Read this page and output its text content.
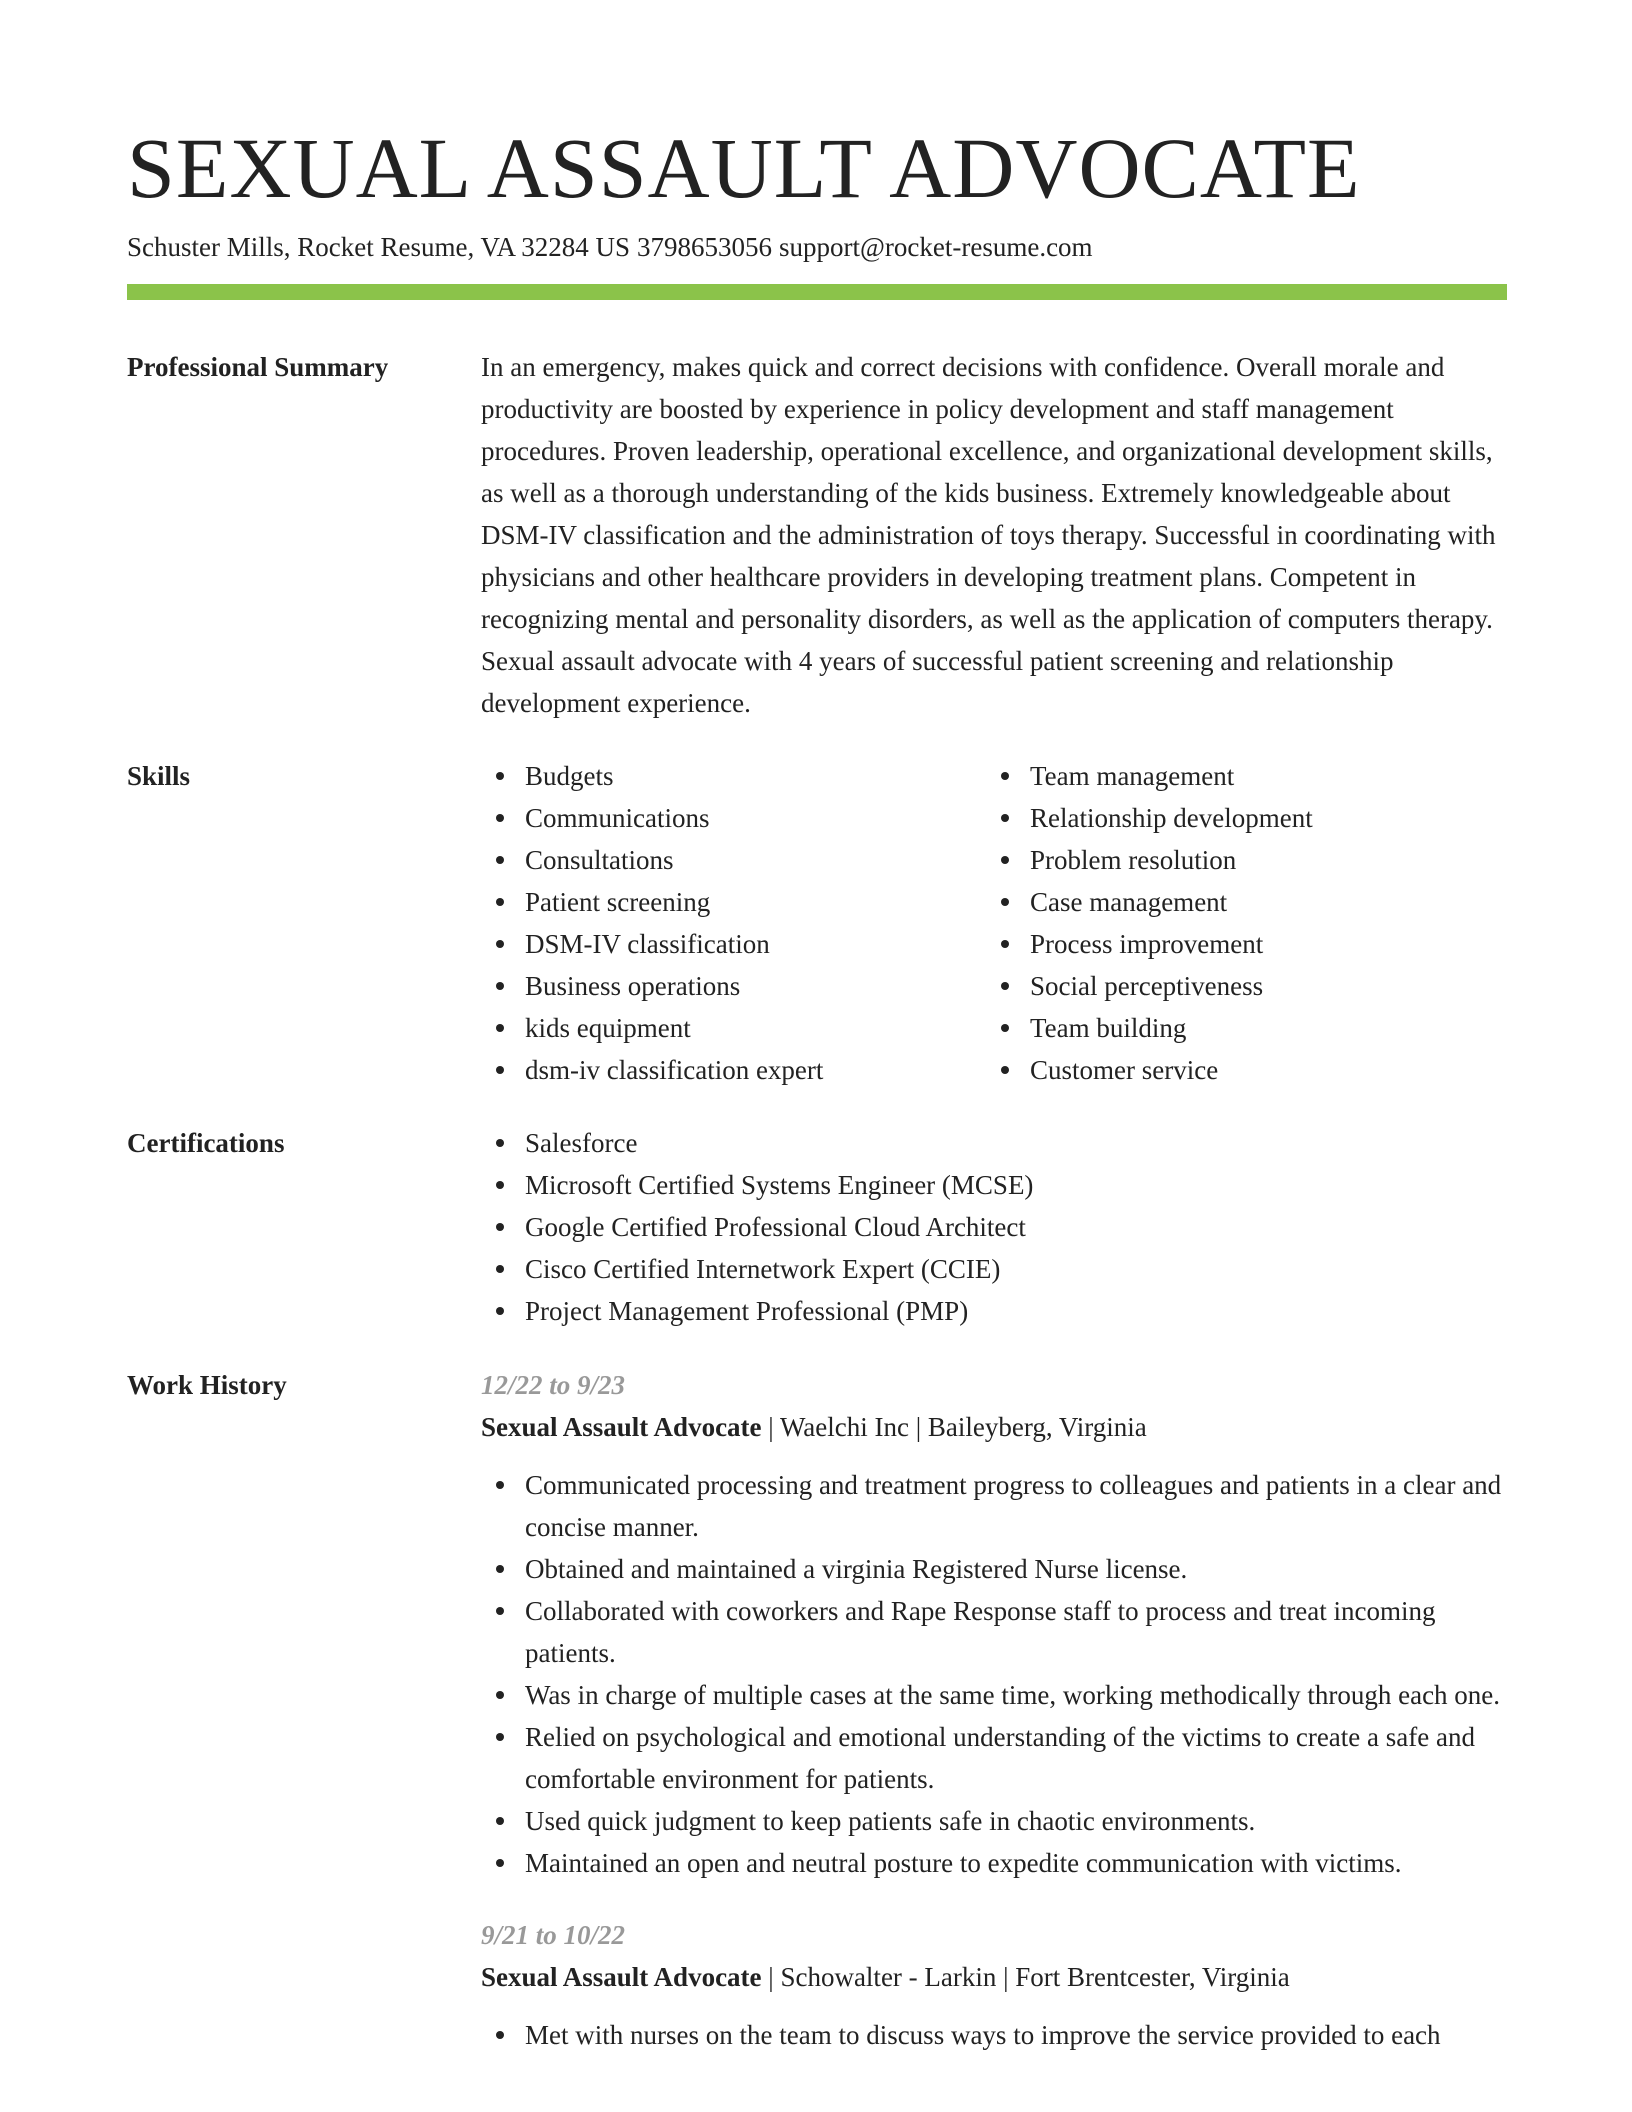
SEXUAL ASSAULT ADVOCATE
Schuster Mills, Rocket Resume, VA 32284 US 3798653056 support@rocket-resume.com
Professional Summary	In an emergency, makes quick and correct decisions with confidence. Overall morale and productivity are boosted by experience in policy development and staff management procedures. Proven leadership, operational excellence, and organizational development skills, as well as a thorough understanding of the kids business. Extremely knowledgeable about DSM-IV classification and the administration of toys therapy. Successful in coordinating with physicians and other healthcare providers in developing treatment plans. Competent in recognizing mental and personality disorders, as well as the application of computers therapy. Sexual assault advocate with 4 years of successful patient screening and relationship development experience.

Skills	Budgets
Communications
Consultations
Patient screening
DSM-IV classification
Business operations
kids equipment
dsm-iv classification expert
Team management
Relationship development
Problem resolution
Case management
Process improvement
Social perceptiveness
Team building
Customer service
Certifications	Salesforce
Microsoft Certified Systems Engineer (MCSE)
Google Certified Professional Cloud Architect
Cisco Certified Internetwork Expert (CCIE)
Project Management Professional (PMP)
Work History	12/22 to 9/23
Sexual Assault Advocate | Waelchi Inc | Baileyberg, Virginia
Communicated processing and treatment progress to colleagues and patients in a clear and concise manner.
Obtained and maintained a virginia Registered Nurse license.
Collaborated with coworkers and Rape Response staff to process and treat incoming patients.
Was in charge of multiple cases at the same time, working methodically through each one.
Relied on psychological and emotional understanding of the victims to create a safe and comfortable environment for patients.
Used quick judgment to keep patients safe in chaotic environments.
Maintained an open and neutral posture to expedite communication with victims.
9/21 to 10/22
Sexual Assault Advocate | Schowalter - Larkin | Fort Brentcester, Virginia
Met with nurses on the team to discuss ways to improve the service provided to each
